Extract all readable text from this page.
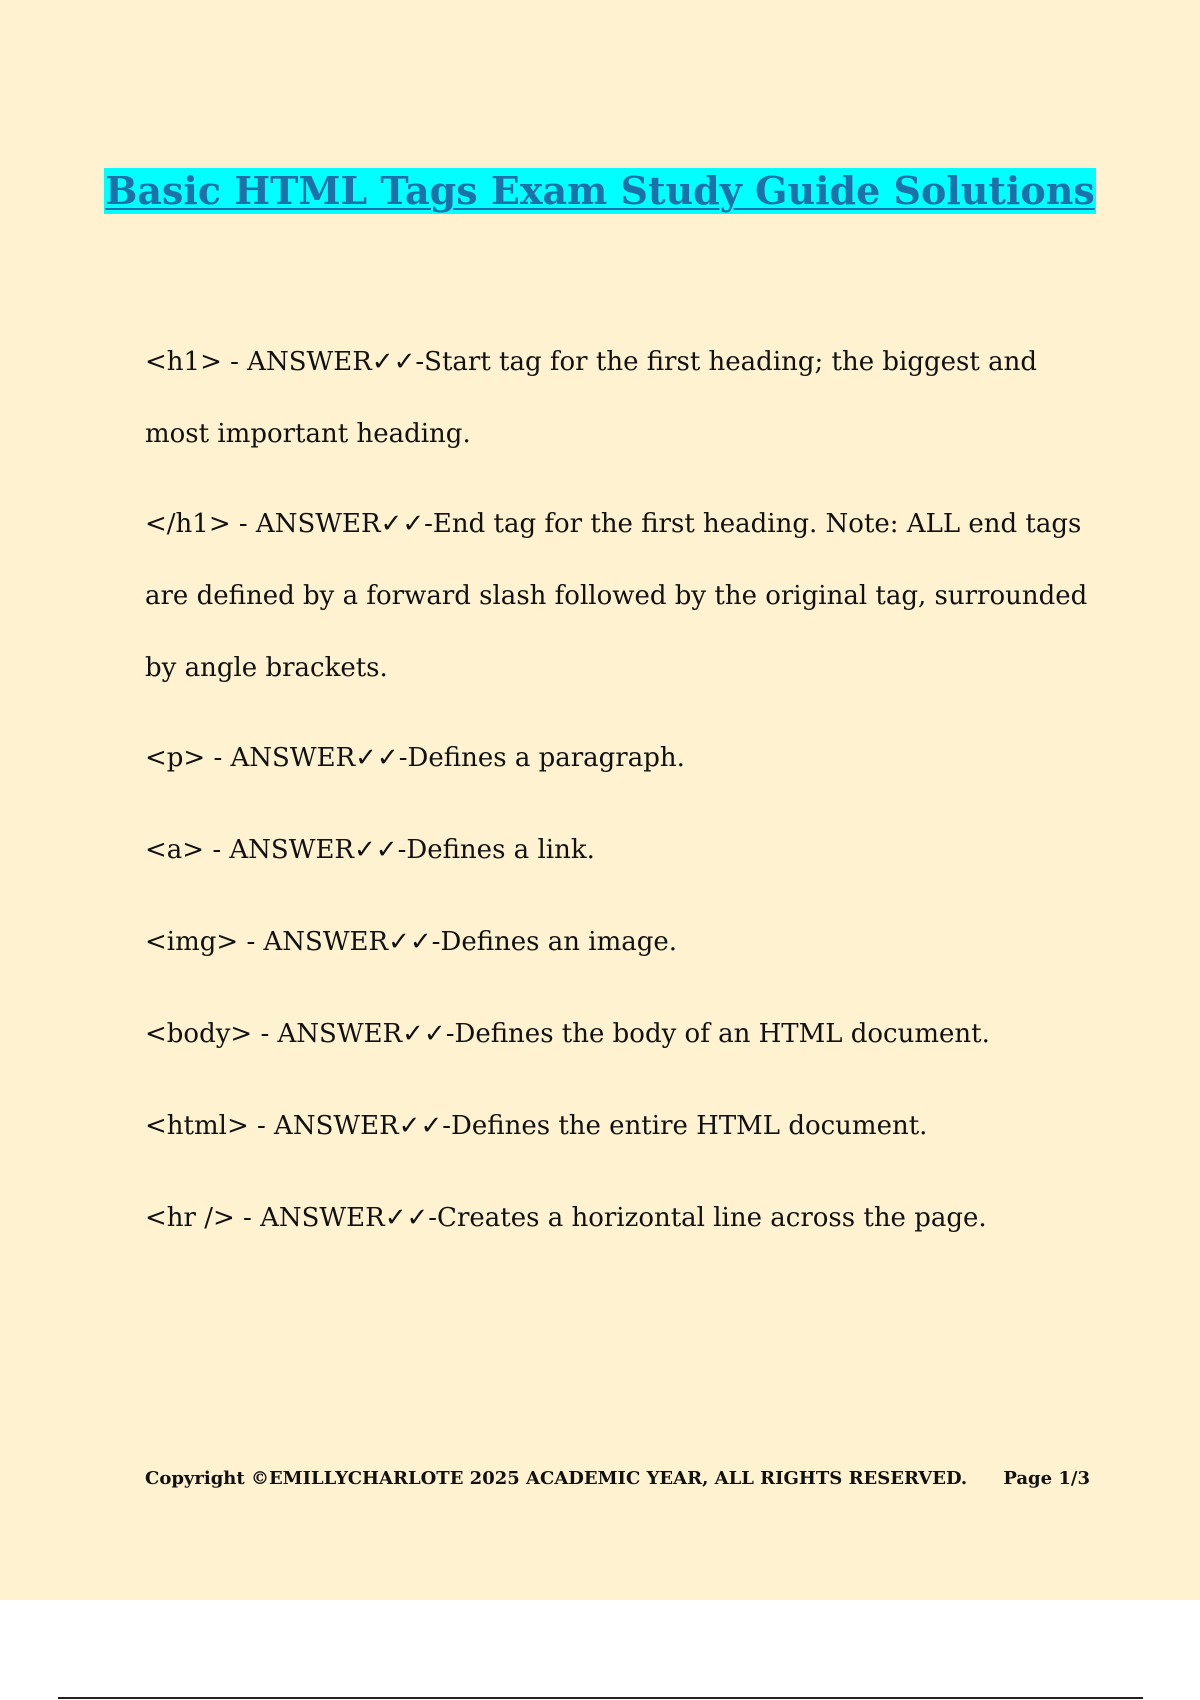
Basic HTML Tags Exam Study Guide Solutions

<h1> - ANSWER✓✓-Start tag for the first heading; the biggest and most important heading.

</h1> - ANSWER✓✓-End tag for the first heading. Note: ALL end tags are defined by a forward slash followed by the original tag, surrounded by angle brackets.

<p> - ANSWER✓✓-Defines a paragraph.

<a> - ANSWER✓✓-Defines a link.

<img> - ANSWER✓✓-Defines an image.

<body> - ANSWER✓✓-Defines the body of an HTML document.

<html> - ANSWER✓✓-Defines the entire HTML document.

<hr /> - ANSWER✓✓-Creates a horizontal line across the page.

Copyright ©EMILLYCHARLOTE 2025 ACADEMIC YEAR, ALL RIGHTS RESERVED. Page 1/3
